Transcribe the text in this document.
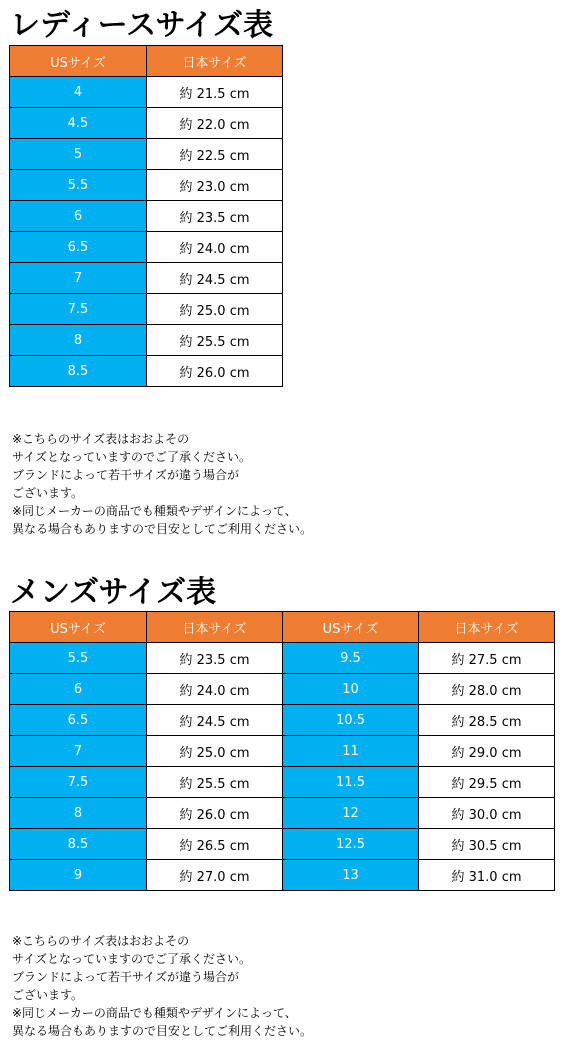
レディースサイズ表
USサイズ	日本サイズ
4	約 21.5 cm
4.5	約 22.0 cm
5	約 22.5 cm
5.5	約 23.0 cm
6	約 23.5 cm
6.5	約 24.0 cm
7	約 24.5 cm
7.5	約 25.0 cm
8	約 25.5 cm
8.5	約 26.0 cm
※こちらのサイズ表はおおよその
サイズとなっていますのでご了承ください。
ブランドによって若干サイズが違う場合が
ございます。
※同じメーカーの商品でも種類やデザインによって、
異なる場合もありますので目安としてご利用ください。
メンズサイズ表
USサイズ	日本サイズ	USサイズ	日本サイズ
5.5	約 23.5 cm	9.5	約 27.5 cm
6	約 24.0 cm	10	約 28.0 cm
6.5	約 24.5 cm	10.5	約 28.5 cm
7	約 25.0 cm	11	約 29.0 cm
7.5	約 25.5 cm	11.5	約 29.5 cm
8	約 26.0 cm	12	約 30.0 cm
8.5	約 26.5 cm	12.5	約 30.5 cm
9	約 27.0 cm	13	約 31.0 cm
※こちらのサイズ表はおおよその
サイズとなっていますのでご了承ください。
ブランドによって若干サイズが違う場合が
ございます。
※同じメーカーの商品でも種類やデザインによって、
異なる場合もありますので目安としてご利用ください。
